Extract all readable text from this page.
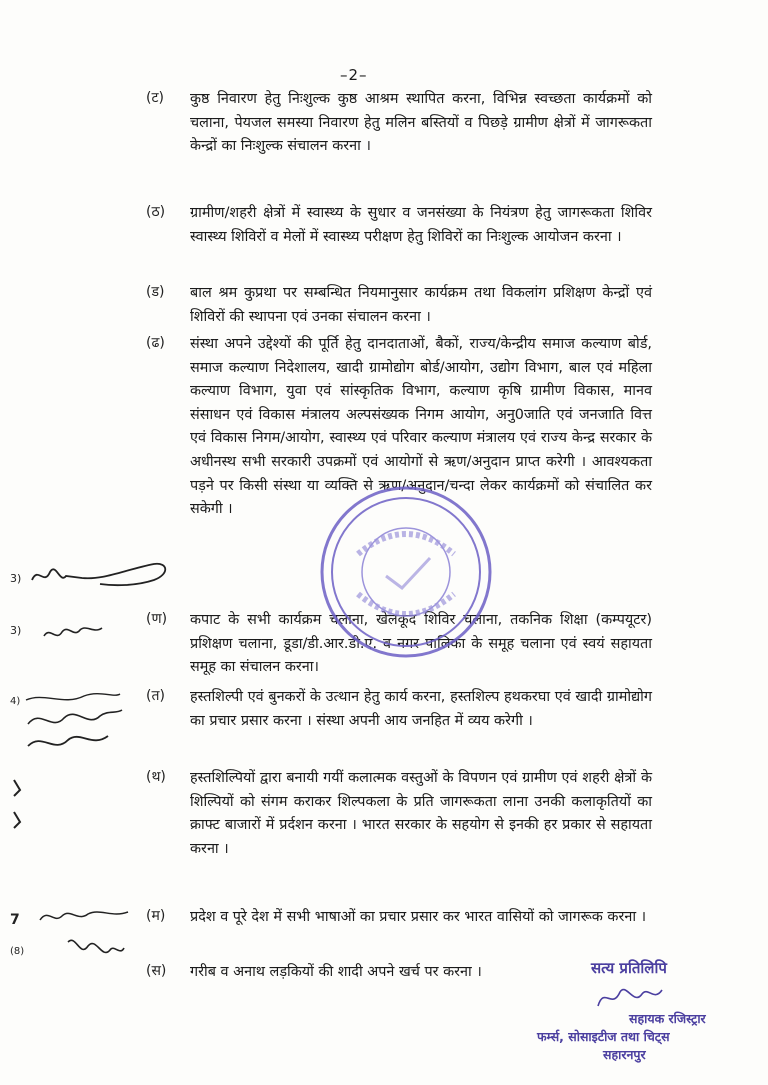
–2–
(ट) कुष्ठ निवारण हेतु निःशुल्क कुष्ठ आश्रम स्थापित करना, विभिन्न स्वच्छता कार्यक्रमों को चलाना, पेयजल समस्या निवारण हेतु मलिन बस्तियों व पिछड़े ग्रामीण क्षेत्रों में जागरूकता केन्द्रों का निःशुल्क संचालन करना ।
(ठ) ग्रामीण/शहरी क्षेत्रों में स्वास्थ्य के सुधार व जनसंख्या के नियंत्रण हेतु जागरूकता शिविर स्वास्थ्य शिविरों व मेलों में स्वास्थ्य परीक्षण हेतु शिविरों का निःशुल्क आयोजन करना ।
(ड) बाल श्रम कुप्रथा पर सम्बन्धित नियमानुसार कार्यक्रम तथा विकलांग प्रशिक्षण केन्द्रों एवं शिविरों की स्थापना एवं उनका संचालन करना ।
(ढ) संस्था अपने उद्देश्यों की पूर्ति हेतु दानदाताओं, बैकों, राज्य/केन्द्रीय समाज कल्याण बोर्ड, समाज कल्याण निदेशालय, खादी ग्रामोद्योग बोर्ड/आयोग, उद्योग विभाग, बाल एवं महिला कल्याण विभाग, युवा एवं सांस्कृतिक विभाग, कल्याण कृषि ग्रामीण विकास, मानव संसाधन एवं विकास मंत्रालय अल्पसंख्यक निगम आयोग, अनु0जाति एवं जनजाति वित्त एवं विकास निगम/आयोग, स्वास्थ्य एवं परिवार कल्याण मंत्रालय एवं राज्य केन्द्र सरकार के अधीनस्थ सभी सरकारी उपक्रमों एवं आयोगों से ऋण/अनुदान प्राप्त करेगी । आवश्यकता पड़ने पर किसी संस्था या व्यक्ति से ऋण/अनुदान/चन्दा लेकर कार्यक्रमों को संचालित कर सकेगी ।
(ण) कपाट के सभी कार्यक्रम चलाना, खेलकूद शिविर चलाना, तकनिक शिक्षा (कम्पयूटर) प्रशिक्षण चलाना, डूडा/डी.आर.डी.ए. व नगर पालिका के समूह चलाना एवं स्वयं सहायता समूह का संचालन करना।
(त) हस्तशिल्पी एवं बुनकरों के उत्थान हेतु कार्य करना, हस्तशिल्प हथकरघा एवं खादी ग्रामोद्योग का प्रचार प्रसार करना । संस्था अपनी आय जनहित में व्यय करेगी ।
(थ) हस्तशिल्पियों द्वारा बनायी गयीं कलात्मक वस्तुओं के विपणन एवं ग्रामीण एवं शहरी क्षेत्रों के शिल्पियों को संगम कराकर शिल्पकला के प्रति जागरूकता लाना उनकी कलाकृतियों का क्राफ्ट बाजारों में प्रर्दशन करना । भारत सरकार के सहयोग से इनकी हर प्रकार से सहायता करना ।
(म) प्रदेश व पूरे देश में सभी भाषाओं का प्रचार प्रसार कर भारत वासियों को जागरूक करना ।
(स) गरीब व अनाथ लड़कियों की शादी अपने खर्च पर करना ।
3)
3)
4)
7
(8)
सत्य प्रतिलिपि
सहायक रजिस्ट्रार
फर्म्स, सोसाइटीज तथा चिट्स
सहारनपुर
